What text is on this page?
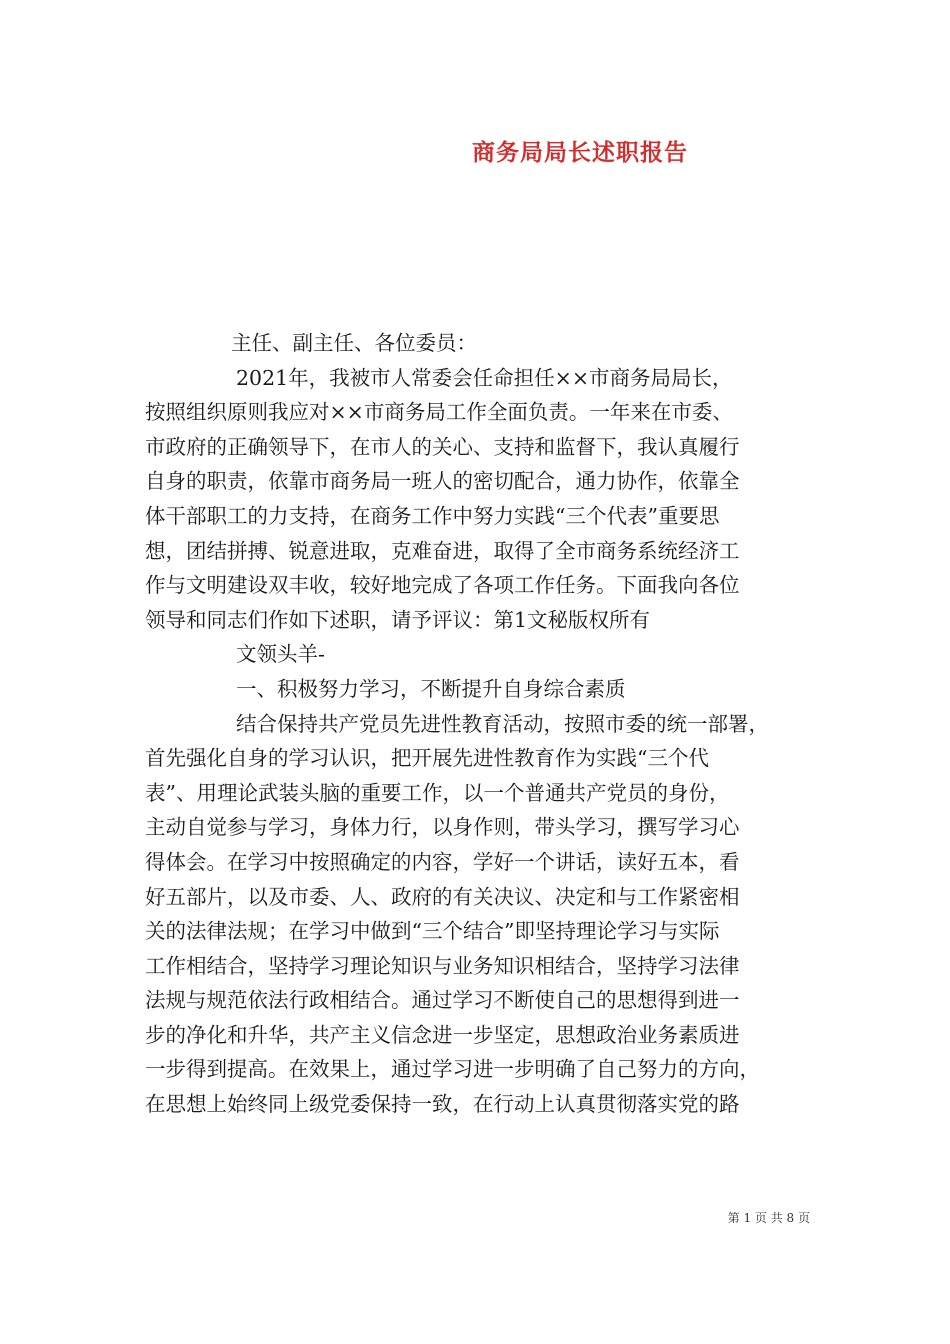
商务局局长述职报告
主任、副主任、各位委员：
2021年，我被市人常委会任命担任××市商务局局长，
按照组织原则我应对××市商务局工作全面负责。一年来在市委、
市政府的正确领导下，在市人的关心、支持和监督下，我认真履行
自身的职责，依靠市商务局一班人的密切配合，通力协作，依靠全
体干部职工的力支持，在商务工作中努力实践“三个代表”重要思
想，团结拼搏、锐意进取，克难奋进，取得了全市商务系统经济工
作与文明建设双丰收，较好地完成了各项工作任务。下面我向各位
领导和同志们作如下述职，请予评议：第1文秘版权所有
文领头羊-
一、积极努力学习，不断提升自身综合素质
结合保持共产党员先进性教育活动，按照市委的统一部署，
首先强化自身的学习认识，把开展先进性教育作为实践“三个代
表”、用理论武装头脑的重要工作，以一个普通共产党员的身份，
主动自觉参与学习，身体力行，以身作则，带头学习，撰写学习心
得体会。在学习中按照确定的内容，学好一个讲话，读好五本，看
好五部片，以及市委、人、政府的有关决议、决定和与工作紧密相
关的法律法规；在学习中做到“三个结合”即坚持理论学习与实际
工作相结合，坚持学习理论知识与业务知识相结合，坚持学习法律
法规与规范依法行政相结合。通过学习不断使自己的思想得到进一
步的净化和升华，共产主义信念进一步坚定，思想政治业务素质进
一步得到提高。在效果上，通过学习进一步明确了自己努力的方向，
在思想上始终同上级党委保持一致，在行动上认真贯彻落实党的路
第 1 页 共 8 页
